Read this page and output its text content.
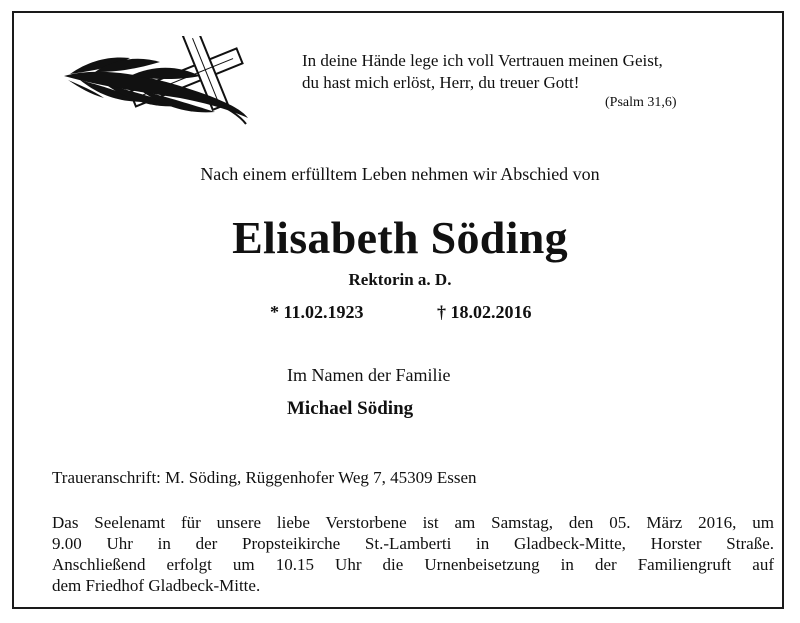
In deine Hände lege ich voll Vertrauen meinen Geist,
du hast mich erlöst, Herr, du treuer Gott!
(Psalm 31,6)
Nach einem erfülltem Leben nehmen wir Abschied von
Elisabeth Söding
Rektorin a. D.
* 11.02.1923	† 18.02.2016
Im Namen der Familie
Michael Söding
Traueranschrift: M. Söding, Rüggenhofer Weg 7, 45309 Essen
Das Seelenamt für unsere liebe Verstorbene ist am Samstag, den 05. März 2016, um
9.00 Uhr in der Propsteikirche St.-Lamberti in Gladbeck-Mitte, Horster Straße.
Anschließend erfolgt um 10.15 Uhr die Urnenbeisetzung in der Familiengruft auf
dem Friedhof Gladbeck-Mitte.
